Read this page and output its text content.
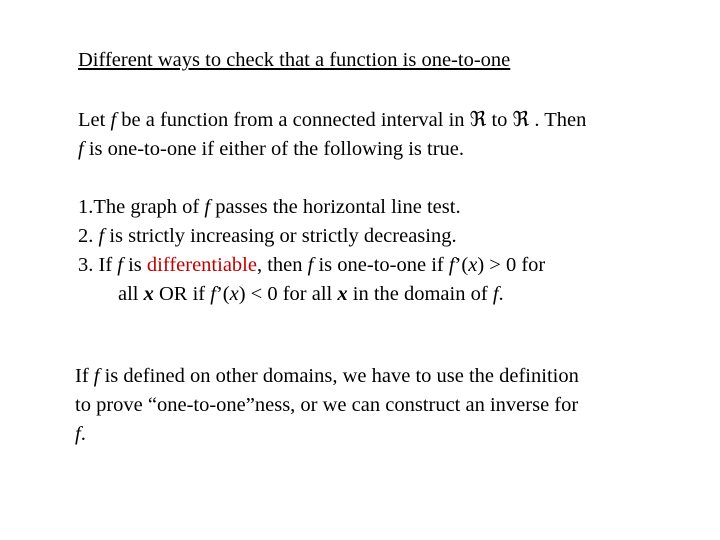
Different ways to check that a function is one-to-one
Let f be a function from a connected interval in ℜ to ℜ . Then
f is one-to-one if either of the following is true.
1.The graph of f passes the horizontal line test.
2. f is strictly increasing or strictly decreasing.
3. If f is differentiable, then f is one-to-one if f’(x) > 0 for
all x OR if f’(x) < 0 for all x in the domain of f.
If f is defined on other domains, we have to use the definition
to prove “one-to-one”ness, or we can construct an inverse for
f.
